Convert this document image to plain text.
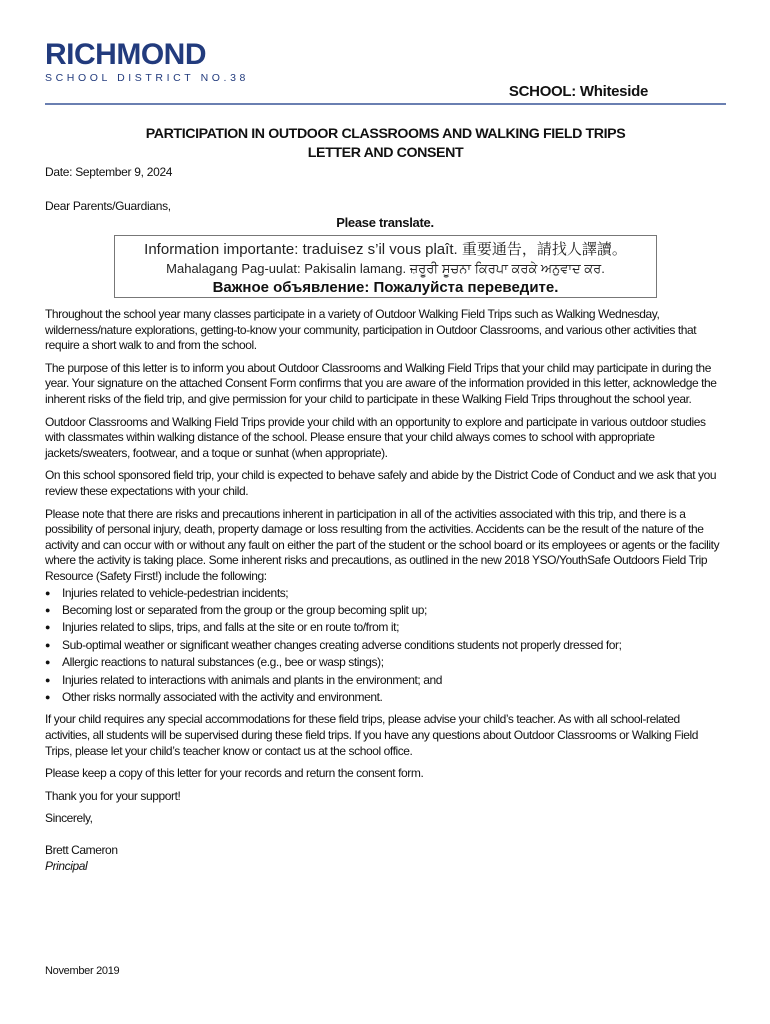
RICHMOND
SCHOOL DISTRICT NO.38
SCHOOL: Whiteside
PARTICIPATION IN OUTDOOR CLASSROOMS AND WALKING FIELD TRIPS
LETTER AND CONSENT
Date: September 9, 2024
Dear Parents/Guardians,
Please translate.
Information importante: traduisez s’il vous plaît. 重要通告，請找人譯讀。
Mahalagang Pag-uulat: Pakisalin lamang. ਜ਼ਰੂਰੀ ਸੂਚਨਾ ਕਿਰਪਾ ਕਰਕੇ ਅਨੁਵਾਦ ਕਰ.
Важное объявление: Пожалуйста переведите.

Throughout the school year many classes participate in a variety of Outdoor Walking Field Trips such as Walking Wednesday, wilderness/nature explorations, getting-to-know your community, participation in Outdoor Classrooms, and various other activities that require a short walk to and from the school.

The purpose of this letter is to inform you about Outdoor Classrooms and Walking Field Trips that your child may participate in during the year. Your signature on the attached Consent Form confirms that you are aware of the information provided in this letter, acknowledge the inherent risks of the field trip, and give permission for your child to participate in these Walking Field Trips throughout the school year.

Outdoor Classrooms and Walking Field Trips provide your child with an opportunity to explore and participate in various outdoor studies with classmates within walking distance of the school. Please ensure that your child always comes to school with appropriate jackets/sweaters, footwear, and a toque or sunhat (when appropriate).

On this school sponsored field trip, your child is expected to behave safely and abide by the District Code of Conduct and we ask that you review these expectations with your child.

Please note that there are risks and precautions inherent in participation in all of the activities associated with this trip, and there is a possibility of personal injury, death, property damage or loss resulting from the activities. Accidents can be the result of the nature of the activity and can occur with or without any fault on either the part of the student or the school board or its employees or agents or the facility where the activity is taking place. Some inherent risks and precautions, as outlined in the new 2018 YSO/YouthSafe Outdoors Field Trip Resource (Safety First!) include the following:

● Injuries related to vehicle-pedestrian incidents;
● Becoming lost or separated from the group or the group becoming split up;
● Injuries related to slips, trips, and falls at the site or en route to/from it;
● Sub-optimal weather or significant weather changes creating adverse conditions students not properly dressed for;
● Allergic reactions to natural substances (e.g., bee or wasp stings);
● Injuries related to interactions with animals and plants in the environment; and
● Other risks normally associated with the activity and environment.

If your child requires any special accommodations for these field trips, please advise your child’s teacher. As with all school-related activities, all students will be supervised during these field trips. If you have any questions about Outdoor Classrooms or Walking Field Trips, please let your child’s teacher know or contact us at the school office.

Please keep a copy of this letter for your records and return the consent form.

Thank you for your support!

Sincerely,

Brett Cameron
Principal
November 2019
